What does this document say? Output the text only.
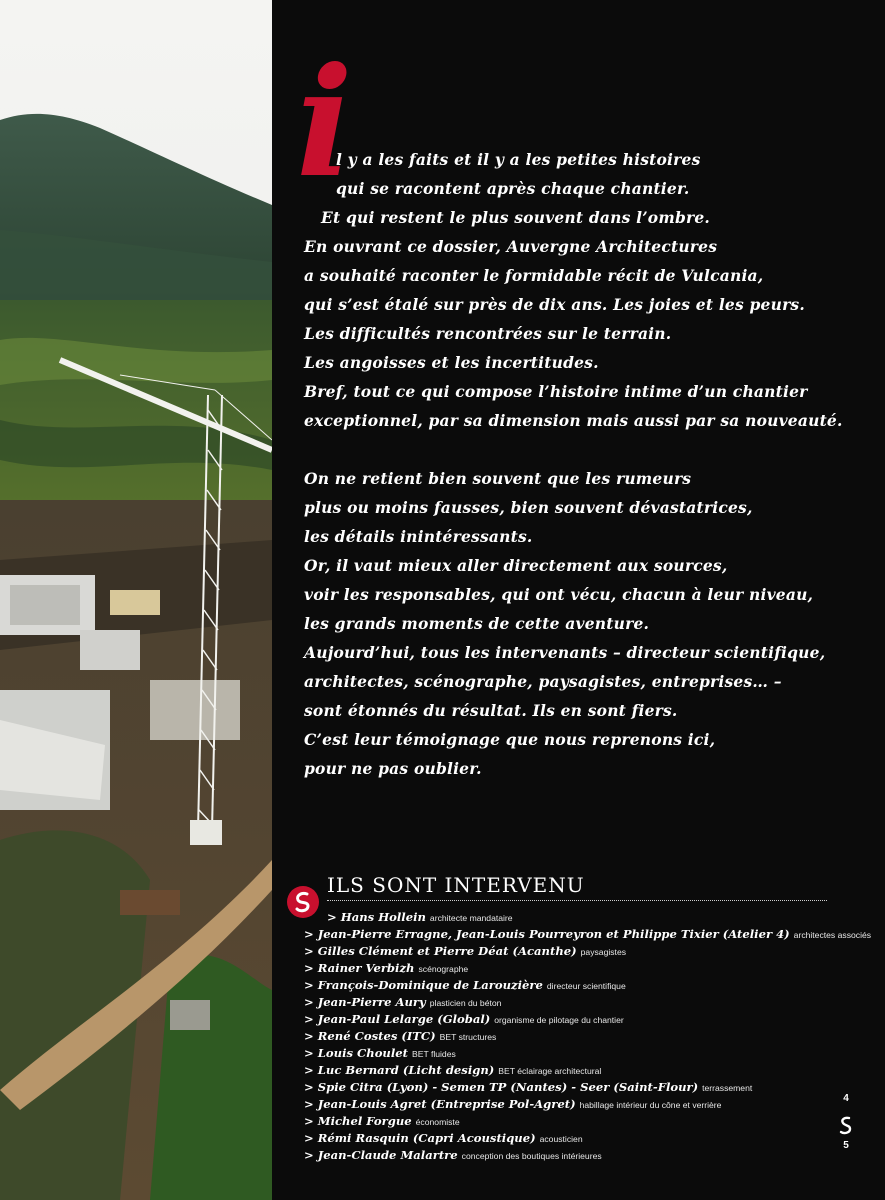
i
l y a les faits et il y a les petites histoires
qui se racontent après chaque chantier.
Et qui restent le plus souvent dans l’ombre.
En ouvrant ce dossier, Auvergne Architectures
a souhaité raconter le formidable récit de Vulcania,
qui s’est étalé sur près de dix ans. Les joies et les peurs.
Les difficultés rencontrées sur le terrain.
Les angoisses et les incertitudes.
Bref, tout ce qui compose l’histoire intime d’un chantier
exceptionnel, par sa dimension mais aussi par sa nouveauté.
On ne retient bien souvent que les rumeurs
plus ou moins fausses, bien souvent dévastatrices,
les détails inintéressants.
Or, il vaut mieux aller directement aux sources,
voir les responsables, qui ont vécu, chacun à leur niveau,
les grands moments de cette aventure.
Aujourd’hui, tous les intervenants – directeur scientifique,
architectes, scénographe, paysagistes, entreprises… –
sont étonnés du résultat. Ils en sont fiers.
C’est leur témoignage que nous reprenons ici,
pour ne pas oublier.
ILS SONT INTERVENU
> Hans Hollein architecte mandataire
> Jean-Pierre Erragne, Jean-Louis Pourreyron et Philippe Tixier (Atelier 4) architectes associés
> Gilles Clément et Pierre Déat (Acanthe) paysagistes
> Rainer Verbizh scénographe
> François-Dominique de Larouzière directeur scientifique
> Jean-Pierre Aury plasticien du béton
> Jean-Paul Lelarge (Global) organisme de pilotage du chantier
> René Costes (ITC) BET structures
> Louis Choulet BET fluides
> Luc Bernard (Licht design) BET éclairage architectural
> Spie Citra (Lyon) - Semen TP (Nantes) - Seer (Saint-Flour) terrassement
> Jean-Louis Agret (Entreprise Pol-Agret) habillage intérieur du cône et verrière
> Michel Forgue économiste
> Rémi Rasquin (Capri Acoustique) acousticien
> Jean-Claude Malartre conception des boutiques intérieures
4
5
